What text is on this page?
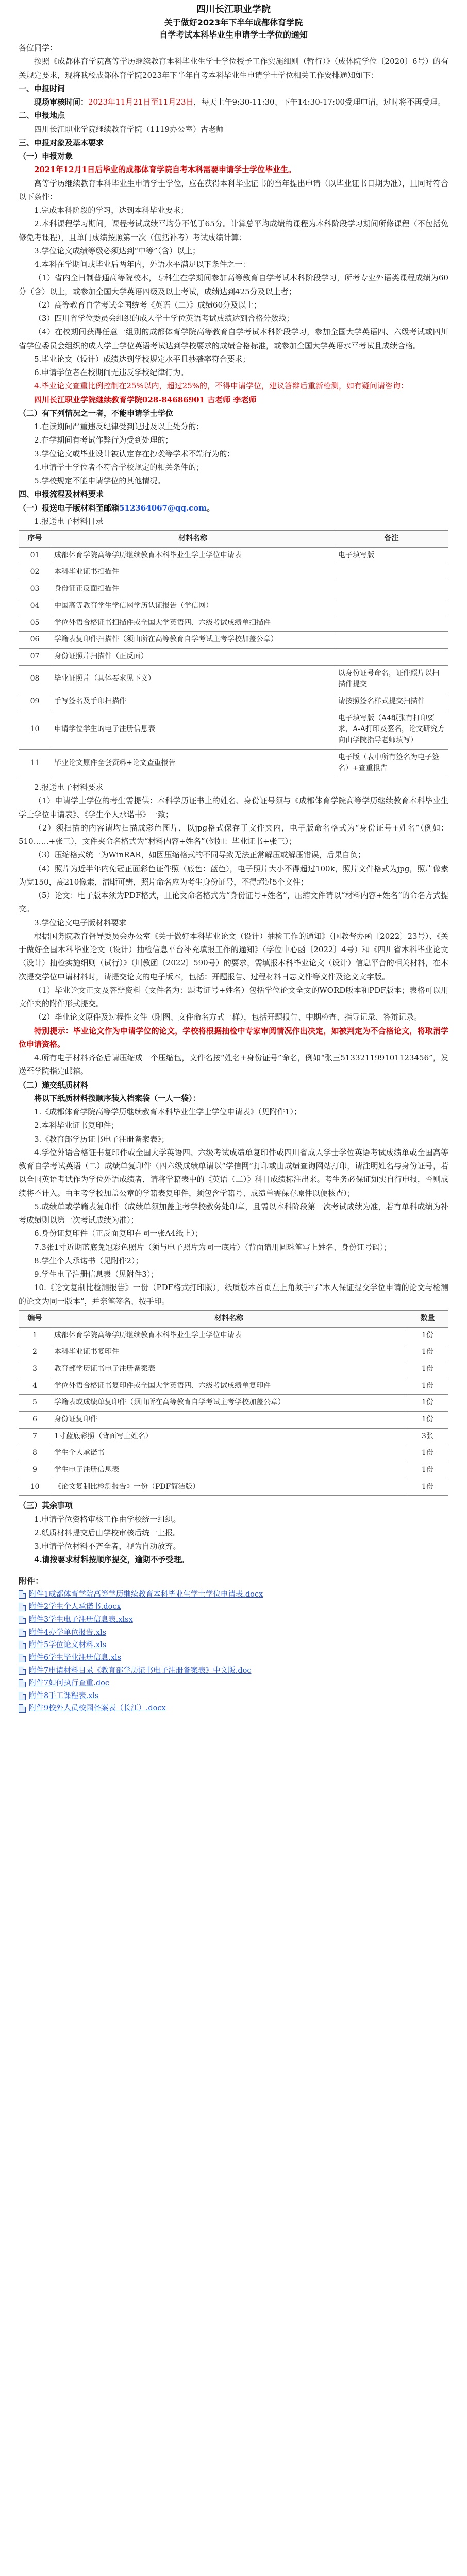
四川长江职业学院
关于做好2023年下半年成都体育学院
自学考试本科毕业生申请学士学位的通知

各位同学：

按照《成都体育学院高等学历继续教育本科毕业生学士学位授予工作实施细则（暂行）》（成体院学位〔2020〕6号）的有关规定要求，现将我校成都体育学院2023年下半年自考本科毕业生申请学士学位相关工作安排通知如下：

一、申报时间

现场审核时间：2023年11月21日至11月23日，每天上午9:30-11:30、下午14:30-17:00受理申请，过时将不再受理。

二、申报地点

四川长江职业学院继续教育学院（1119办公室）古老师

三、申报对象及基本要求

（一）申报对象

2021年12月1日后毕业的成都体育学院自考本科需要申请学士学位毕业生。

高等学历继续教育本科毕业生申请学士学位，应在获得本科毕业证书的当年提出申请（以毕业证书日期为准），且同时符合以下条件：

1.完成本科阶段的学习，达到本科毕业要求；

2.本科课程学习期间，课程考试成绩平均分不低于65分。计算总平均成绩的课程为本科阶段学习期间所修课程（不包括免修免考课程），且单门成绩按照第一次（包括补考）考试成绩计算；

3.学位论文成绩等级必须达到“中等”（含）以上；

4.本科在学期间或毕业后两年内，外语水平满足以下条件之一：

（1）省内全日制普通高等院校本，专科生在学期间参加高等教育自学考试本科阶段学习，所考专业外语类课程成绩为60分（含）以上，或参加全国大学英语四级及以上考试，成绩达到425分及以上者；

（2）高等教育自学考试全国统考《英语（二）》成绩60分及以上；

（3）四川省学位委员会组织的成人学士学位英语考试成绩达到合格分数线；

（4）在校期间获得任意一组别的成都体育学院高等教育自学考试本科阶段学习，参加全国大学英语四、六级考试或四川省学位委员会组织的成人学士学位英语考试达到学校要求的成绩合格标准，或参加全国大学英语水平考试且成绩合格。

5.毕业论文（设计）成绩达到学校规定水平且抄袭率符合要求；

6.申请学位者在校期间无违反学校纪律行为。

4.毕业论文查重比例控制在25%以内，超过25%的，不得申请学位，建议答辩后重新检测，如有疑问请咨询：

四川长江职业学院继续教育学院028-84686901 古老师 李老师

（二）有下列情况之一者，不能申请学士学位

1.在读期间严重违反纪律受到记过及以上处分的；

2.在学期间有考试作弊行为受到处理的；

3.学位论文或毕业设计被认定存在抄袭等学术不端行为的；

4.申请学士学位者不符合学校规定的相关条件的；

5.学校规定不能申请学位的其他情况。

四、申报流程及材料要求

（一）报送电子版材料至邮箱512364067@qq.com。

1.报送电子材料目录

序号	材料名称	备注
01	成都体育学院高等学历继续教育本科毕业生学士学位申请表	电子填写版
02	本科毕业证书扫描件	
03	身份证正反面扫描件	
04	中国高等教育学生学信网学历认证报告（学信网）	
05	学位外语合格证书扫描件或全国大学英语四、六级考试成绩单扫描件	
06	学籍表复印件扫描件（须由所在高等教育自学考试主考学校加盖公章）	
07	身份证照片扫描件（正反面）	
08	毕业证照片（具体要求见下文）	以身份证号命名，证件照片以扫描件提交
09	手写签名及手印扫描件	请按照签名样式提交扫描件
10	申请学位学生的电子注册信息表	电子填写版（A4纸张有打印要求，A-A打印及签名，论文研究方向由学院指导老师填写）
11	毕业论文原件全套资料+论文查重报告	电子版（表中所有签名为电子签名）+查重报告

2.报送电子材料要求

（1）申请学士学位的考生需提供：本科学历证书上的姓名、身份证号须与《成都体育学院高等学历继续教育本科毕业生学士学位申请表》、《学生个人承诺书》一致；

（2）须扫描的内容请均扫描成彩色图片，以jpg格式保存于文件夹内，电子版命名格式为“身份证号+姓名”（例如：510……+张三），文件夹命名格式为“材料内容+姓名”（例如：毕业证书+张三）；

（3）压缩格式统一为WinRAR，如因压缩格式的不同导致无法正常解压或解压错误，后果自负；

（4）照片为近半年内免冠正面彩色证件照（底色：蓝色），电子照片大小不得超过100k，照片文件格式为jpg，照片像素为宽150，高210像素，清晰可辨，照片命名应为考生身份证号，不得超过5个文件；

（5）论文：电子版本须为PDF格式，且论文命名格式为“身份证号+姓名”，压缩文件请以“材料内容+姓名”的命名方式提交。

3.学位论文电子版材料要求

根据国务院教育督导委员会办公室《关于做好本科毕业论文（设计）抽检工作的通知》（国教督办函〔2022〕23号）、《关于做好全国本科毕业论文（设计）抽检信息平台补充填报工作的通知》（学位中心函〔2022〕4号）和《四川省本科毕业论文（设计）抽检实施细则（试行）》（川教函〔2022〕590号）的要求，需填报本科毕业论文（设计）信息平台的相关材料，在本次提交学位申请材料时，请提交论文的电子版本，包括：开题报告、过程材料日志文件等文件及论文文字版。

（1）毕业论文正文及答辩资料（文件名为：题考证号+姓名）包括学位论文全文的WORD版本和PDF版本；表格可以用文件夹的附件形式提交。

（2）毕业论文原件及过程性文件（附图、文件命名方式一样），包括开题报告、中期检查、指导记录、答辩记录。

特别提示：毕业论文作为申请学位的论文，学校将根据抽检中专家审阅情况作出决定，如被判定为不合格论文，将取消学位申请资格。

4.所有电子材料齐备后请压缩成一个压缩包，文件名按“姓名+身份证号”命名，例如“张三513321199101123456”，发送至学院指定邮箱。

（二）递交纸质材料

将以下纸质材料按顺序装入档案袋（一人一袋）：

1.《成都体育学院高等学历继续教育本科毕业生学士学位申请表》（见附件1）；

2.本科毕业证书复印件；

3.《教育部学历证书电子注册备案表》；

4.学位外语合格证书复印件或全国大学英语四、六级考试成绩单复印件或四川省成人学士学位英语考试成绩单或全国高等教育自学考试英语（二）成绩单复印件（四六级成绩单请以“学信网”打印或由成绩查询网站打印，请注明姓名与身份证号，若以全国英语考试作为学位外语成绩者，请将学籍表中的《英语（二）》科目成绩标注出来。考生务必保证如实自行申报，否则成绩将不计入。由主考学校加盖公章的学籍表复印件，须包含学籍号、成绩单需保存原件以便核查）；

5.成绩单或学籍表复印件（成绩单须加盖主考学校教务处印章，且需以本科阶段第一次考试成绩为准，若有单科成绩为补考成绩则以第一次考试成绩为准）；

6.身份证复印件（正反面复印在同一张A4纸上）；

7.3张1寸近期蓝底免冠彩色照片（须与电子照片为同一底片）（背面请用圆珠笔写上姓名、身份证号码）；

8.学生个人承诺书（见附件2）；

9.学生电子注册信息表（见附件3）；

10.《论文复制比检测报告》一份（PDF格式打印版），纸质版本首页左上角须手写“本人保证提交学位申请的论文与检测的论文为同一版本”，并亲笔签名、按手印。

编号	材料名称	数量
1	成都体育学院高等学历继续教育本科毕业生学士学位申请表	1份
2	本科毕业证书复印件	1份
3	教育部学历证书电子注册备案表	1份
4	学位外语合格证书复印件或全国大学英语四、六级考试成绩单复印件	1份
5	学籍表或成绩单复印件（须由所在高等教育自学考试主考学校加盖公章）	1份
6	身份证复印件	1份
7	1寸蓝底彩照（背面写上姓名）	3张
8	学生个人承诺书	1份
9	学生电子注册信息表	1份
10	《论文复制比检测报告》一份（PDF简洁版）	1份

（三）其余事项

1.申请学位资格审核工作由学校统一组织。

2.纸质材料提交后由学校审核后统一上报。

3.申请学位材料不齐全者，视为自动放弃。

4.请按要求材料按顺序提交，逾期不予受理。

附件：
附件1成都体育学院高等学历继续教育本科毕业生学士学位申请表.docx
附件2学生个人承诺书.docx
附件3学生电子注册信息表.xlsx
附件4办学单位报告.xls
附件5学位论文材料.xls
附件6学生毕业注册信息.xls
附件7申请材料目录《教育部学历证书电子注册备案表》中文版.doc
附件7如何执行查重.doc
附件8手工课程表.xls
附件9校外人员校园备案表（长江）.docx
